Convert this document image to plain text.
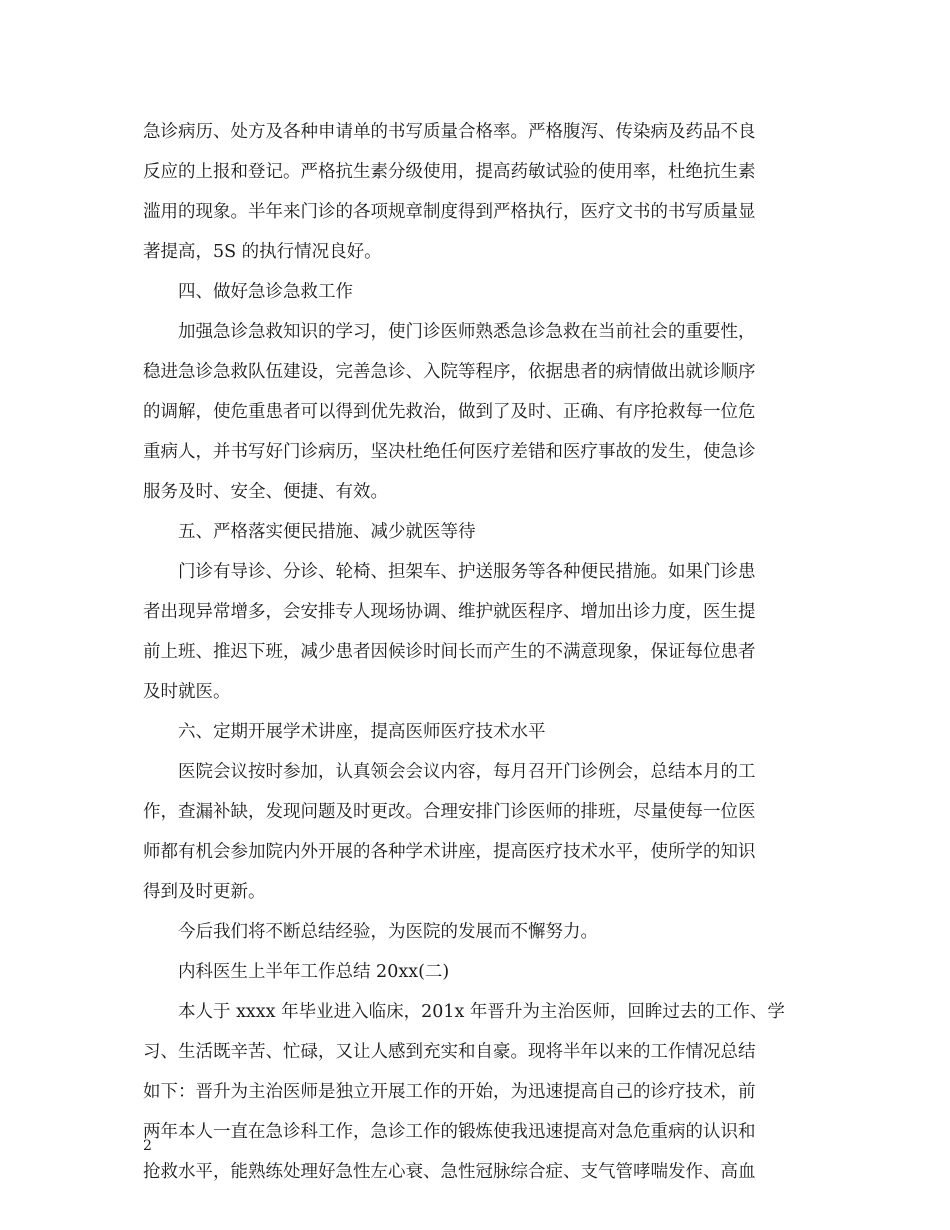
急诊病历、处方及各种申请单的书写质量合格率。严格腹泻、传染病及药品不良
反应的上报和登记。严格抗生素分级使用，提高药敏试验的使用率，杜绝抗生素
滥用的现象。半年来门诊的各项规章制度得到严格执行，医疗文书的书写质量显
著提高，5S 的执行情况良好。
四、做好急诊急救工作
加强急诊急救知识的学习，使门诊医师熟悉急诊急救在当前社会的重要性，
稳进急诊急救队伍建设，完善急诊、入院等程序，依据患者的病情做出就诊顺序
的调解，使危重患者可以得到优先救治，做到了及时、正确、有序抢救每一位危
重病人，并书写好门诊病历，坚决杜绝任何医疗差错和医疗事故的发生，使急诊
服务及时、安全、便捷、有效。
五、严格落实便民措施、减少就医等待
门诊有导诊、分诊、轮椅、担架车、护送服务等各种便民措施。如果门诊患
者出现异常增多，会安排专人现场协调、维护就医程序、增加出诊力度，医生提
前上班、推迟下班，减少患者因候诊时间长而产生的不满意现象，保证每位患者
及时就医。
六、定期开展学术讲座，提高医师医疗技术水平
医院会议按时参加，认真领会会议内容，每月召开门诊例会，总结本月的工
作，查漏补缺，发现问题及时更改。合理安排门诊医师的排班，尽量使每一位医
师都有机会参加院内外开展的各种学术讲座，提高医疗技术水平，使所学的知识
得到及时更新。
今后我们将不断总结经验，为医院的发展而不懈努力。
内科医生上半年工作总结 20xx(二)
本人于 xxxx 年毕业进入临床，201x 年晋升为主治医师，回眸过去的工作、学
习、生活既辛苦、忙碌，又让人感到充实和自豪。现将半年以来的工作情况总结
如下：晋升为主治医师是独立开展工作的开始，为迅速提高自己的诊疗技术，前
两年本人一直在急诊科工作，急诊工作的锻炼使我迅速提高对急危重病的认识和
抢救水平，能熟练处理好急性左心衰、急性冠脉综合症、支气管哮喘发作、高血
2
